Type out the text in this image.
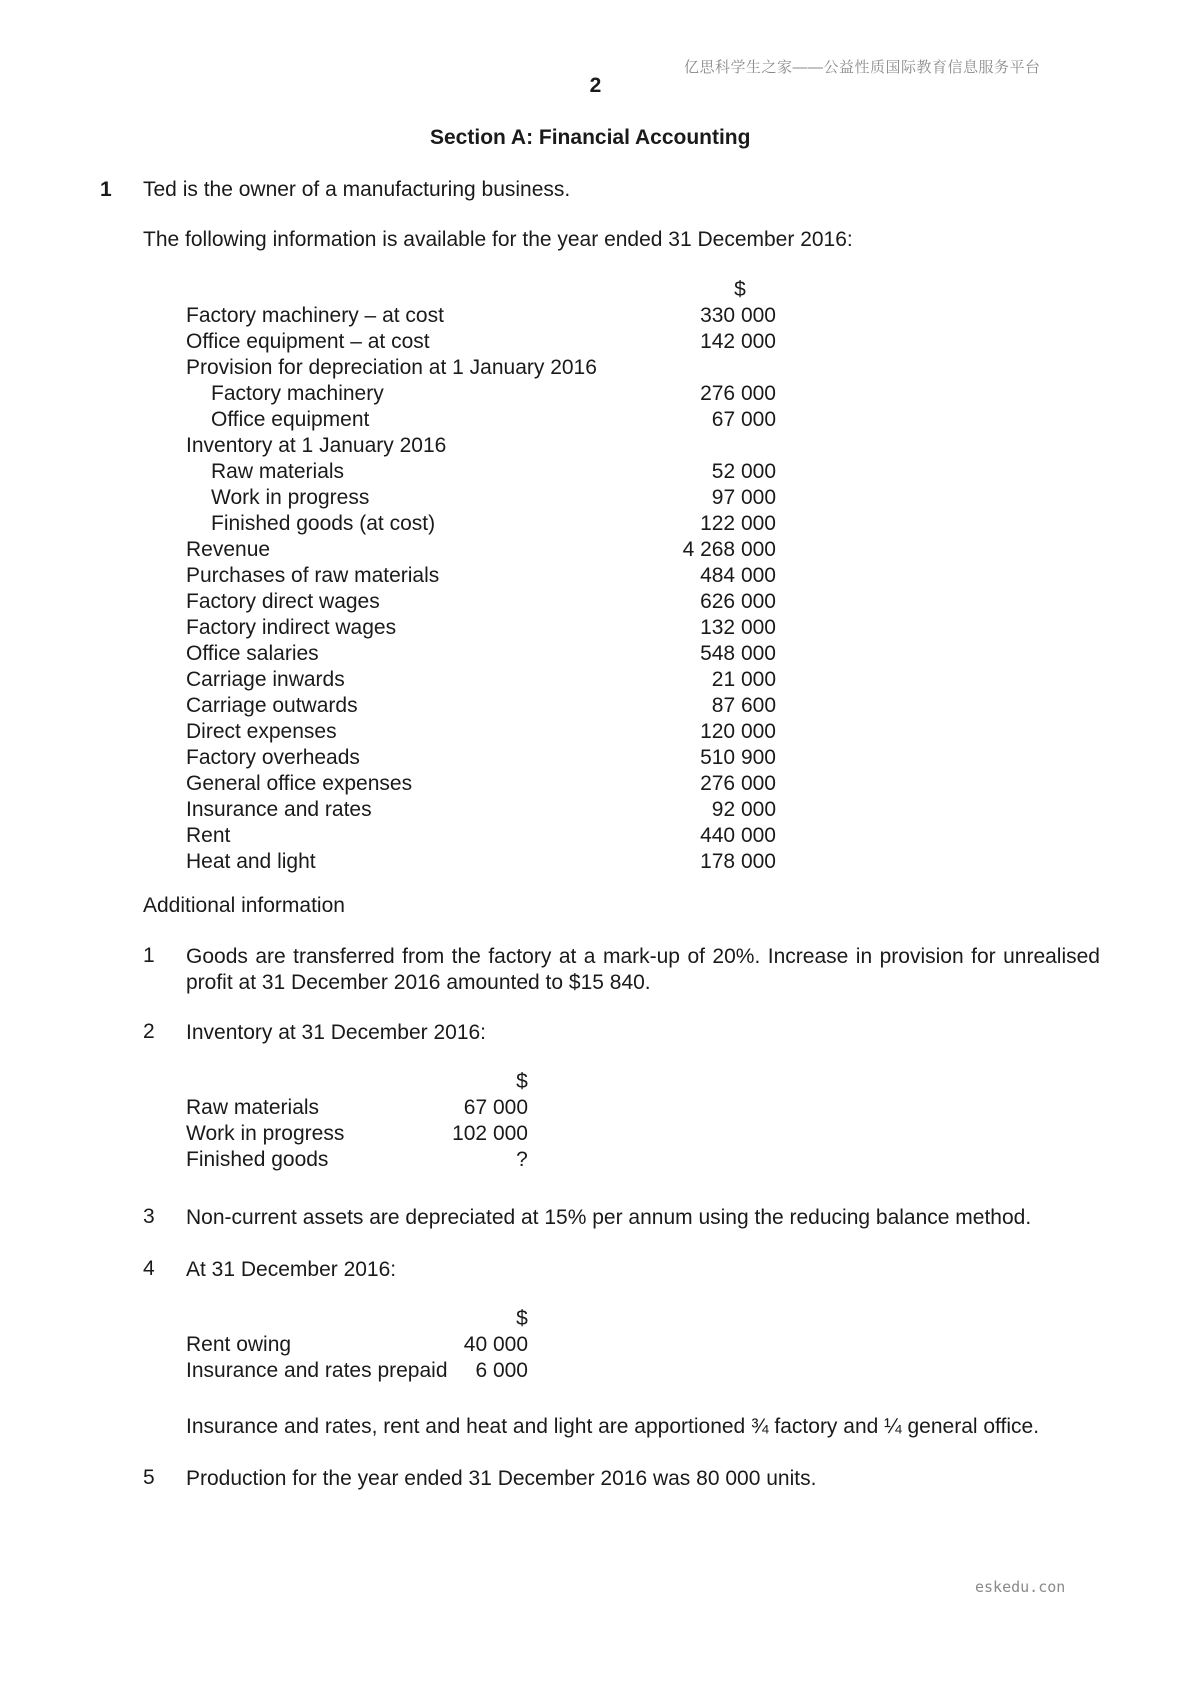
亿思科学生之家——公益性质国际教育信息服务平台
2
Section A: Financial Accounting
1 Ted is the owner of a manufacturing business.
The following information is available for the year ended 31 December 2016:
$
Factory machinery – at cost	330 000
Office equipment – at cost	142 000
Provision for depreciation at 1 January 2016
Factory machinery	276 000
Office equipment	67 000
Inventory at 1 January 2016
Raw materials	52 000
Work in progress	97 000
Finished goods (at cost)	122 000
Revenue	4 268 000
Purchases of raw materials	484 000
Factory direct wages	626 000
Factory indirect wages	132 000
Office salaries	548 000
Carriage inwards	21 000
Carriage outwards	87 600
Direct expenses	120 000
Factory overheads	510 900
General office expenses	276 000
Insurance and rates	92 000
Rent	440 000
Heat and light	178 000
Additional information
1 Goods are transferred from the factory at a mark-up of 20%. Increase in provision for unrealised profit at 31 December 2016 amounted to $15 840.
2 Inventory at 31 December 2016:
$
Raw materials	67 000
Work in progress	102 000
Finished goods	?
3 Non-current assets are depreciated at 15% per annum using the reducing balance method.
4 At 31 December 2016:
$
Rent owing	40 000
Insurance and rates prepaid	6 000
Insurance and rates, rent and heat and light are apportioned ¾ factory and ¼ general office.
5 Production for the year ended 31 December 2016 was 80 000 units.
eskedu.con
